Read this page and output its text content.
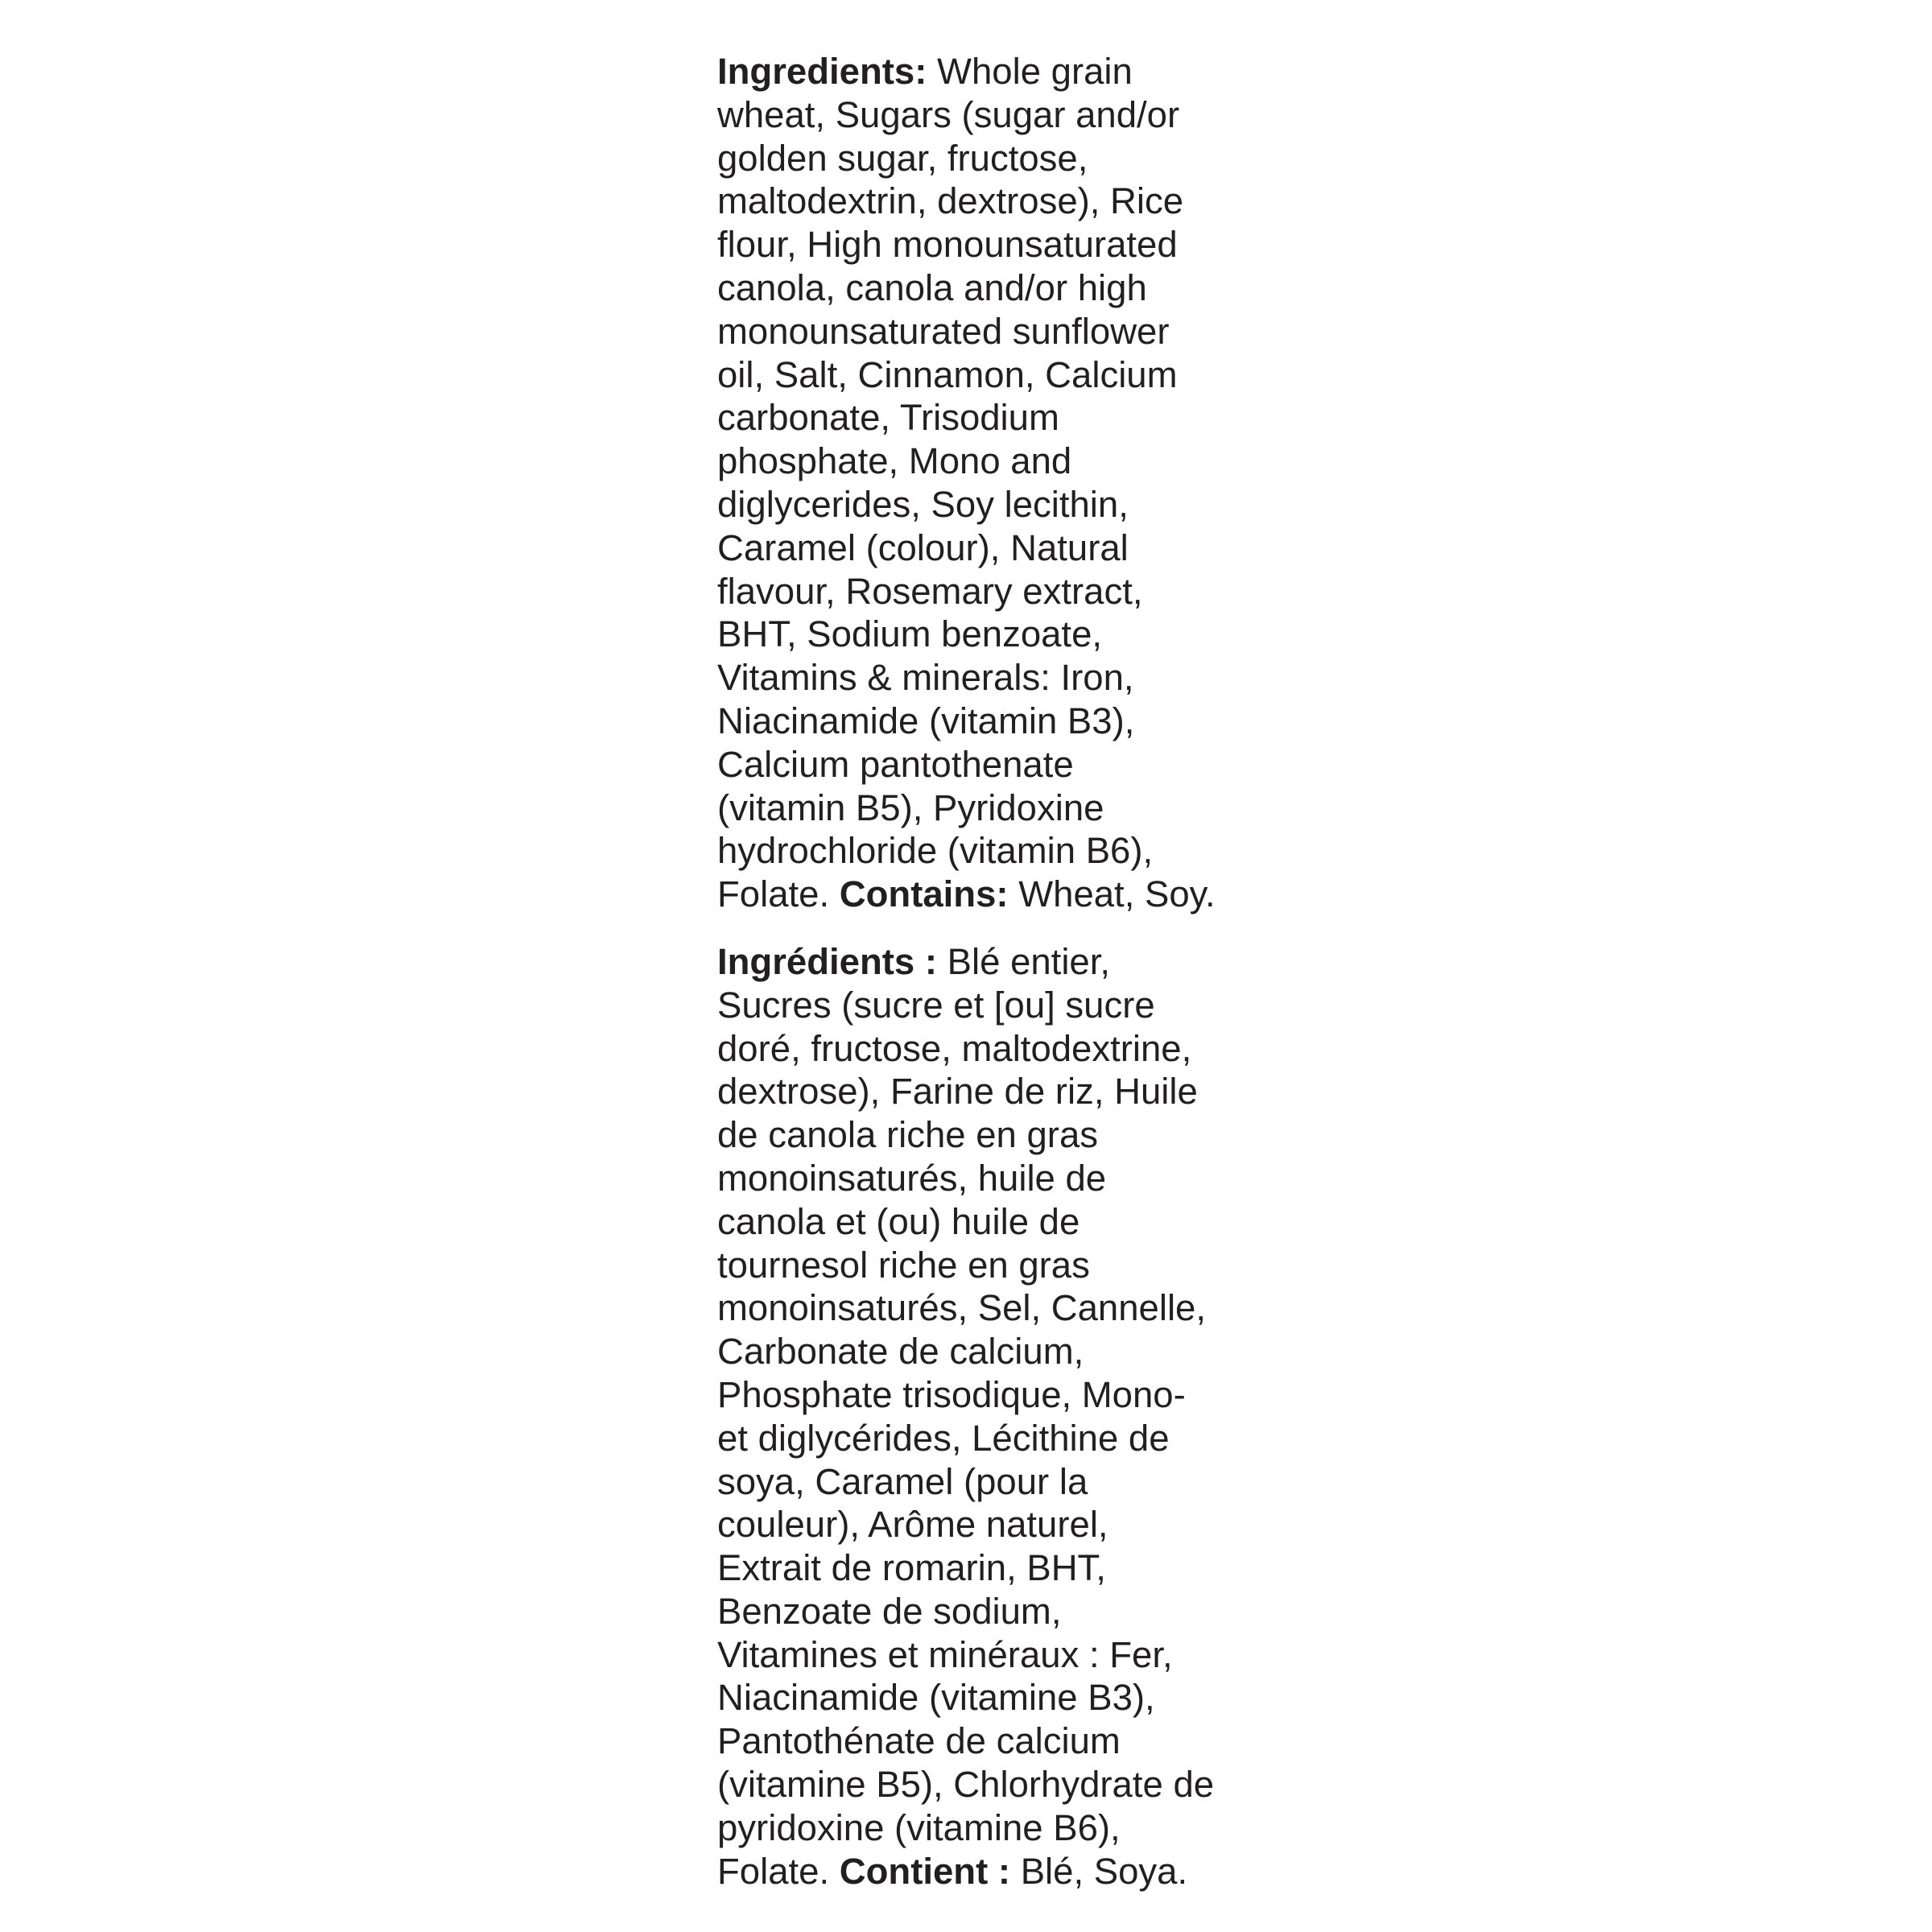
Ingredients: Whole grain
wheat, Sugars (sugar and/or
golden sugar, fructose,
maltodextrin, dextrose), Rice
flour, High monounsaturated
canola, canola and/or high
monounsaturated sunflower
oil, Salt, Cinnamon, Calcium
carbonate, Trisodium
phosphate, Mono and
diglycerides, Soy lecithin,
Caramel (colour), Natural
flavour, Rosemary extract,
BHT, Sodium benzoate,
Vitamins & minerals: Iron,
Niacinamide (vitamin B3),
Calcium pantothenate
(vitamin B5), Pyridoxine
hydrochloride (vitamin B6),
Folate. Contains: Wheat, Soy.

Ingrédients : Blé entier,
Sucres (sucre et [ou] sucre
doré, fructose, maltodextrine,
dextrose), Farine de riz, Huile
de canola riche en gras
monoinsaturés, huile de
canola et (ou) huile de
tournesol riche en gras
monoinsaturés, Sel, Cannelle,
Carbonate de calcium,
Phosphate trisodique, Mono-
et diglycérides, Lécithine de
soya, Caramel (pour la
couleur), Arôme naturel,
Extrait de romarin, BHT,
Benzoate de sodium,
Vitamines et minéraux : Fer,
Niacinamide (vitamine B3),
Pantothénate de calcium
(vitamine B5), Chlorhydrate de
pyridoxine (vitamine B6),
Folate. Contient : Blé, Soya.
